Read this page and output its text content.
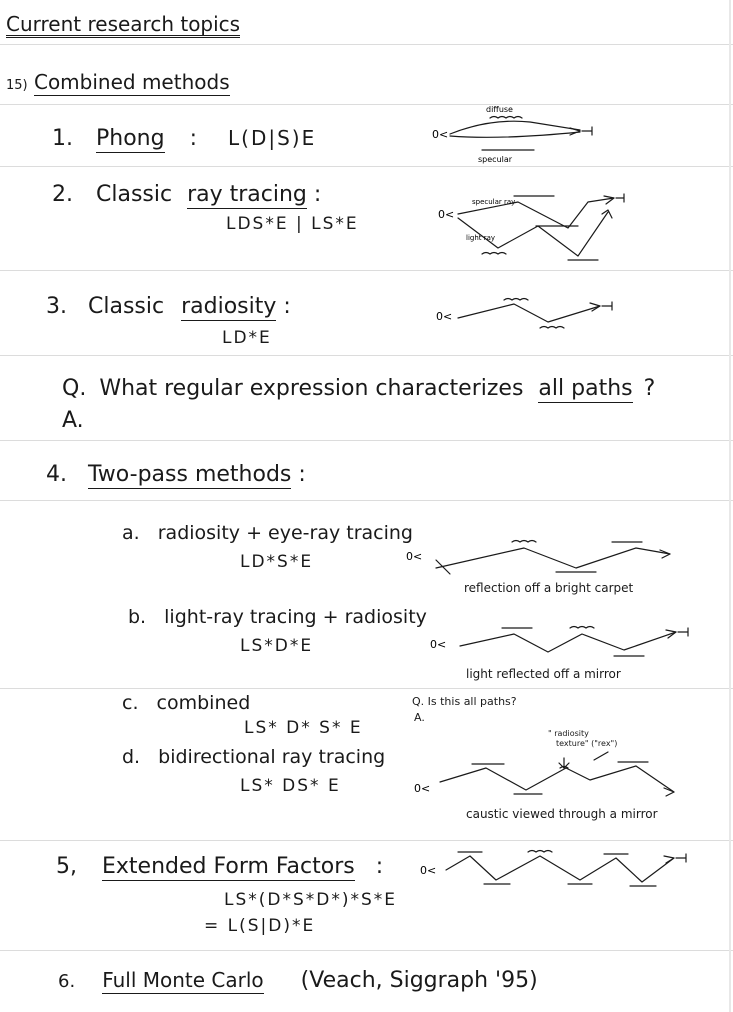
Current research topics
15) Combined methods
1. Phong : L(D|S)E	0<
diffuse
specular
2. Classic ray tracing :
LDS*E | LS*E	0<
specular ray
light ray
3. Classic radiosity :
LD*E
0<
Q. What regular expression characterizes all paths ?
A.
4. Two-pass methods :
a. radiosity + eye-ray tracing
LD*S*E	0<
reflection off a bright carpet
b. light-ray tracing + radiosity
LS*D*E	0<
light reflected off a mirror
c. combined
LS* D* S* E
Q. Is this all paths?
A.
d. bidirectional ray tracing
LS* DS* E
" radiosity
texture" ("rex")
0<
caustic viewed through a mirror
5, Extended Form Factors :	0<
LS*(D*S*D*)*S*E
= L(S|D)*E
6. Full Monte Carlo (Veach, Siggraph '95)
